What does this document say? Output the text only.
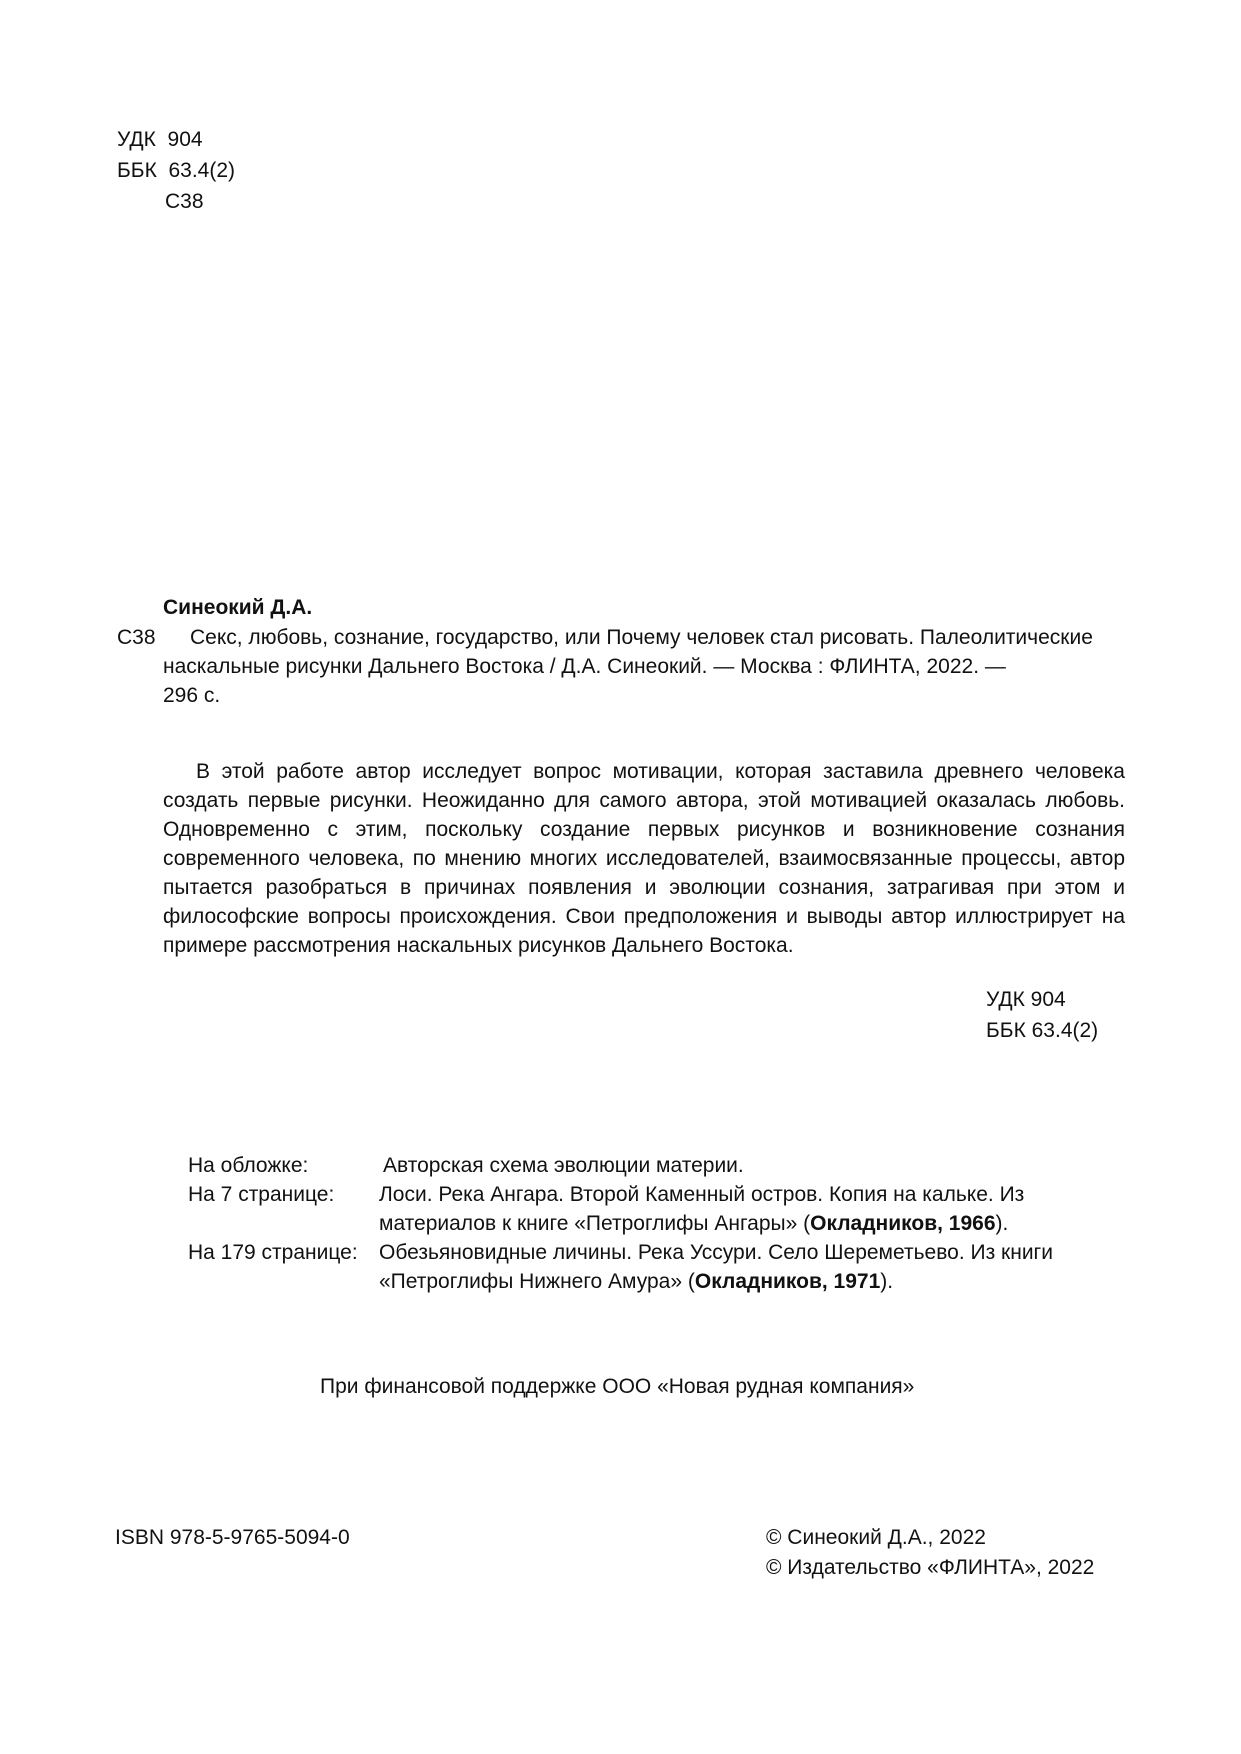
УДК 904
ББК 63.4(2)
С38
Синеокий Д.А.
С38 Секс, любовь, сознание, государство, или Почему человек стал рисовать. Палеолитические
наскальные рисунки Дальнего Востока / Д.А. Синеокий. — Москва : ФЛИНТА, 2022. —
296 с.
В этой работе автор исследует вопрос мотивации, которая заставила древнего человека
создать первые рисунки. Неожиданно для самого автора, этой мотивацией оказалась любовь.
Одновременно с этим, поскольку создание первых рисунков и возникновение сознания
современного человека, по мнению многих исследователей, взаимосвязанные процессы, автор
пытается разобраться в причинах появления и эволюции сознания, затрагивая при этом и
философские вопросы происхождения. Свои предположения и выводы автор иллюстрирует на
примере рассмотрения наскальных рисунков Дальнего Востока.
УДК 904
ББК 63.4(2)
На обложке:	Авторская схема эволюции материи.
На 7 странице: Лоси. Река Ангара. Второй Каменный остров. Копия на кальке. Из
материалов к книге «Петроглифы Ангары» (Окладников, 1966).
На 179 странице: Обезьяновидные личины. Река Уссури. Село Шереметьево. Из книги
«Петроглифы Нижнего Амура» (Окладников, 1971).
При финансовой поддержке ООО «Новая рудная компания»
ISBN 978-5-9765-5094-0	© Синеокий Д.А., 2022
© Издательство «ФЛИНТА», 2022
